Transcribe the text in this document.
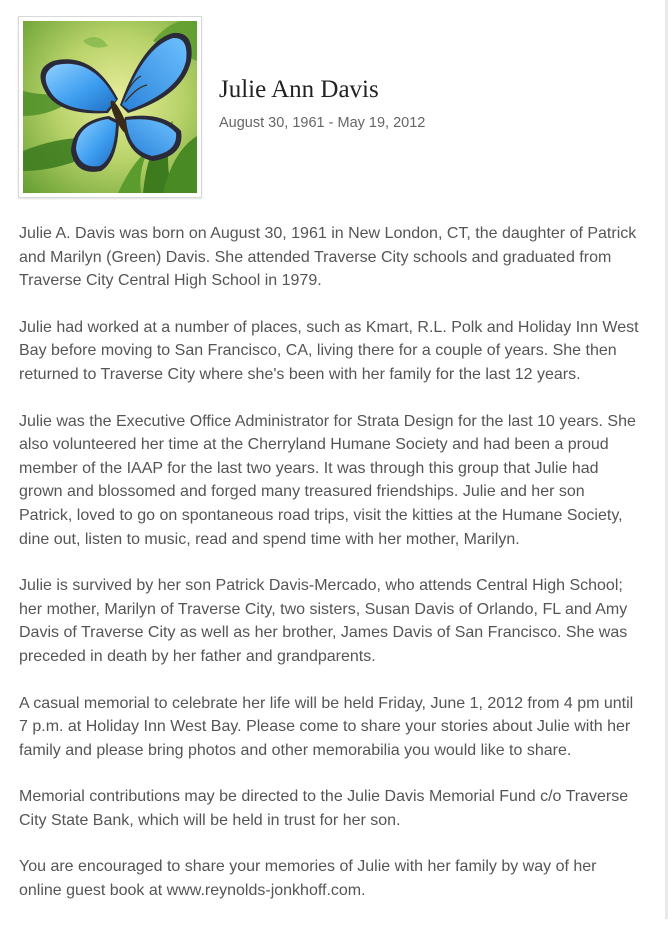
Julie Ann Davis
August 30, 1961 - May 19, 2012

Julie A. Davis was born on August 30, 1961 in New London, CT, the daughter of Patrick and Marilyn (Green) Davis. She attended Traverse City schools and graduated from Traverse City Central High School in 1979.

Julie had worked at a number of places, such as Kmart, R.L. Polk and Holiday Inn West Bay before moving to San Francisco, CA, living there for a couple of years. She then returned to Traverse City where she's been with her family for the last 12 years.

Julie was the Executive Office Administrator for Strata Design for the last 10 years. She also volunteered her time at the Cherryland Humane Society and had been a proud member of the IAAP for the last two years. It was through this group that Julie had grown and blossomed and forged many treasured friendships. Julie and her son Patrick, loved to go on spontaneous road trips, visit the kitties at the Humane Society, dine out, listen to music, read and spend time with her mother, Marilyn.

Julie is survived by her son Patrick Davis-Mercado, who attends Central High School; her mother, Marilyn of Traverse City, two sisters, Susan Davis of Orlando, FL and Amy Davis of Traverse City as well as her brother, James Davis of San Francisco. She was preceded in death by her father and grandparents.

A casual memorial to celebrate her life will be held Friday, June 1, 2012 from 4 pm until 7 p.m. at Holiday Inn West Bay. Please come to share your stories about Julie with her family and please bring photos and other memorabilia you would like to share.

Memorial contributions may be directed to the Julie Davis Memorial Fund c/o Traverse City State Bank, which will be held in trust for her son.

You are encouraged to share your memories of Julie with her family by way of her online guest book at www.reynolds-jonkhoff.com.
